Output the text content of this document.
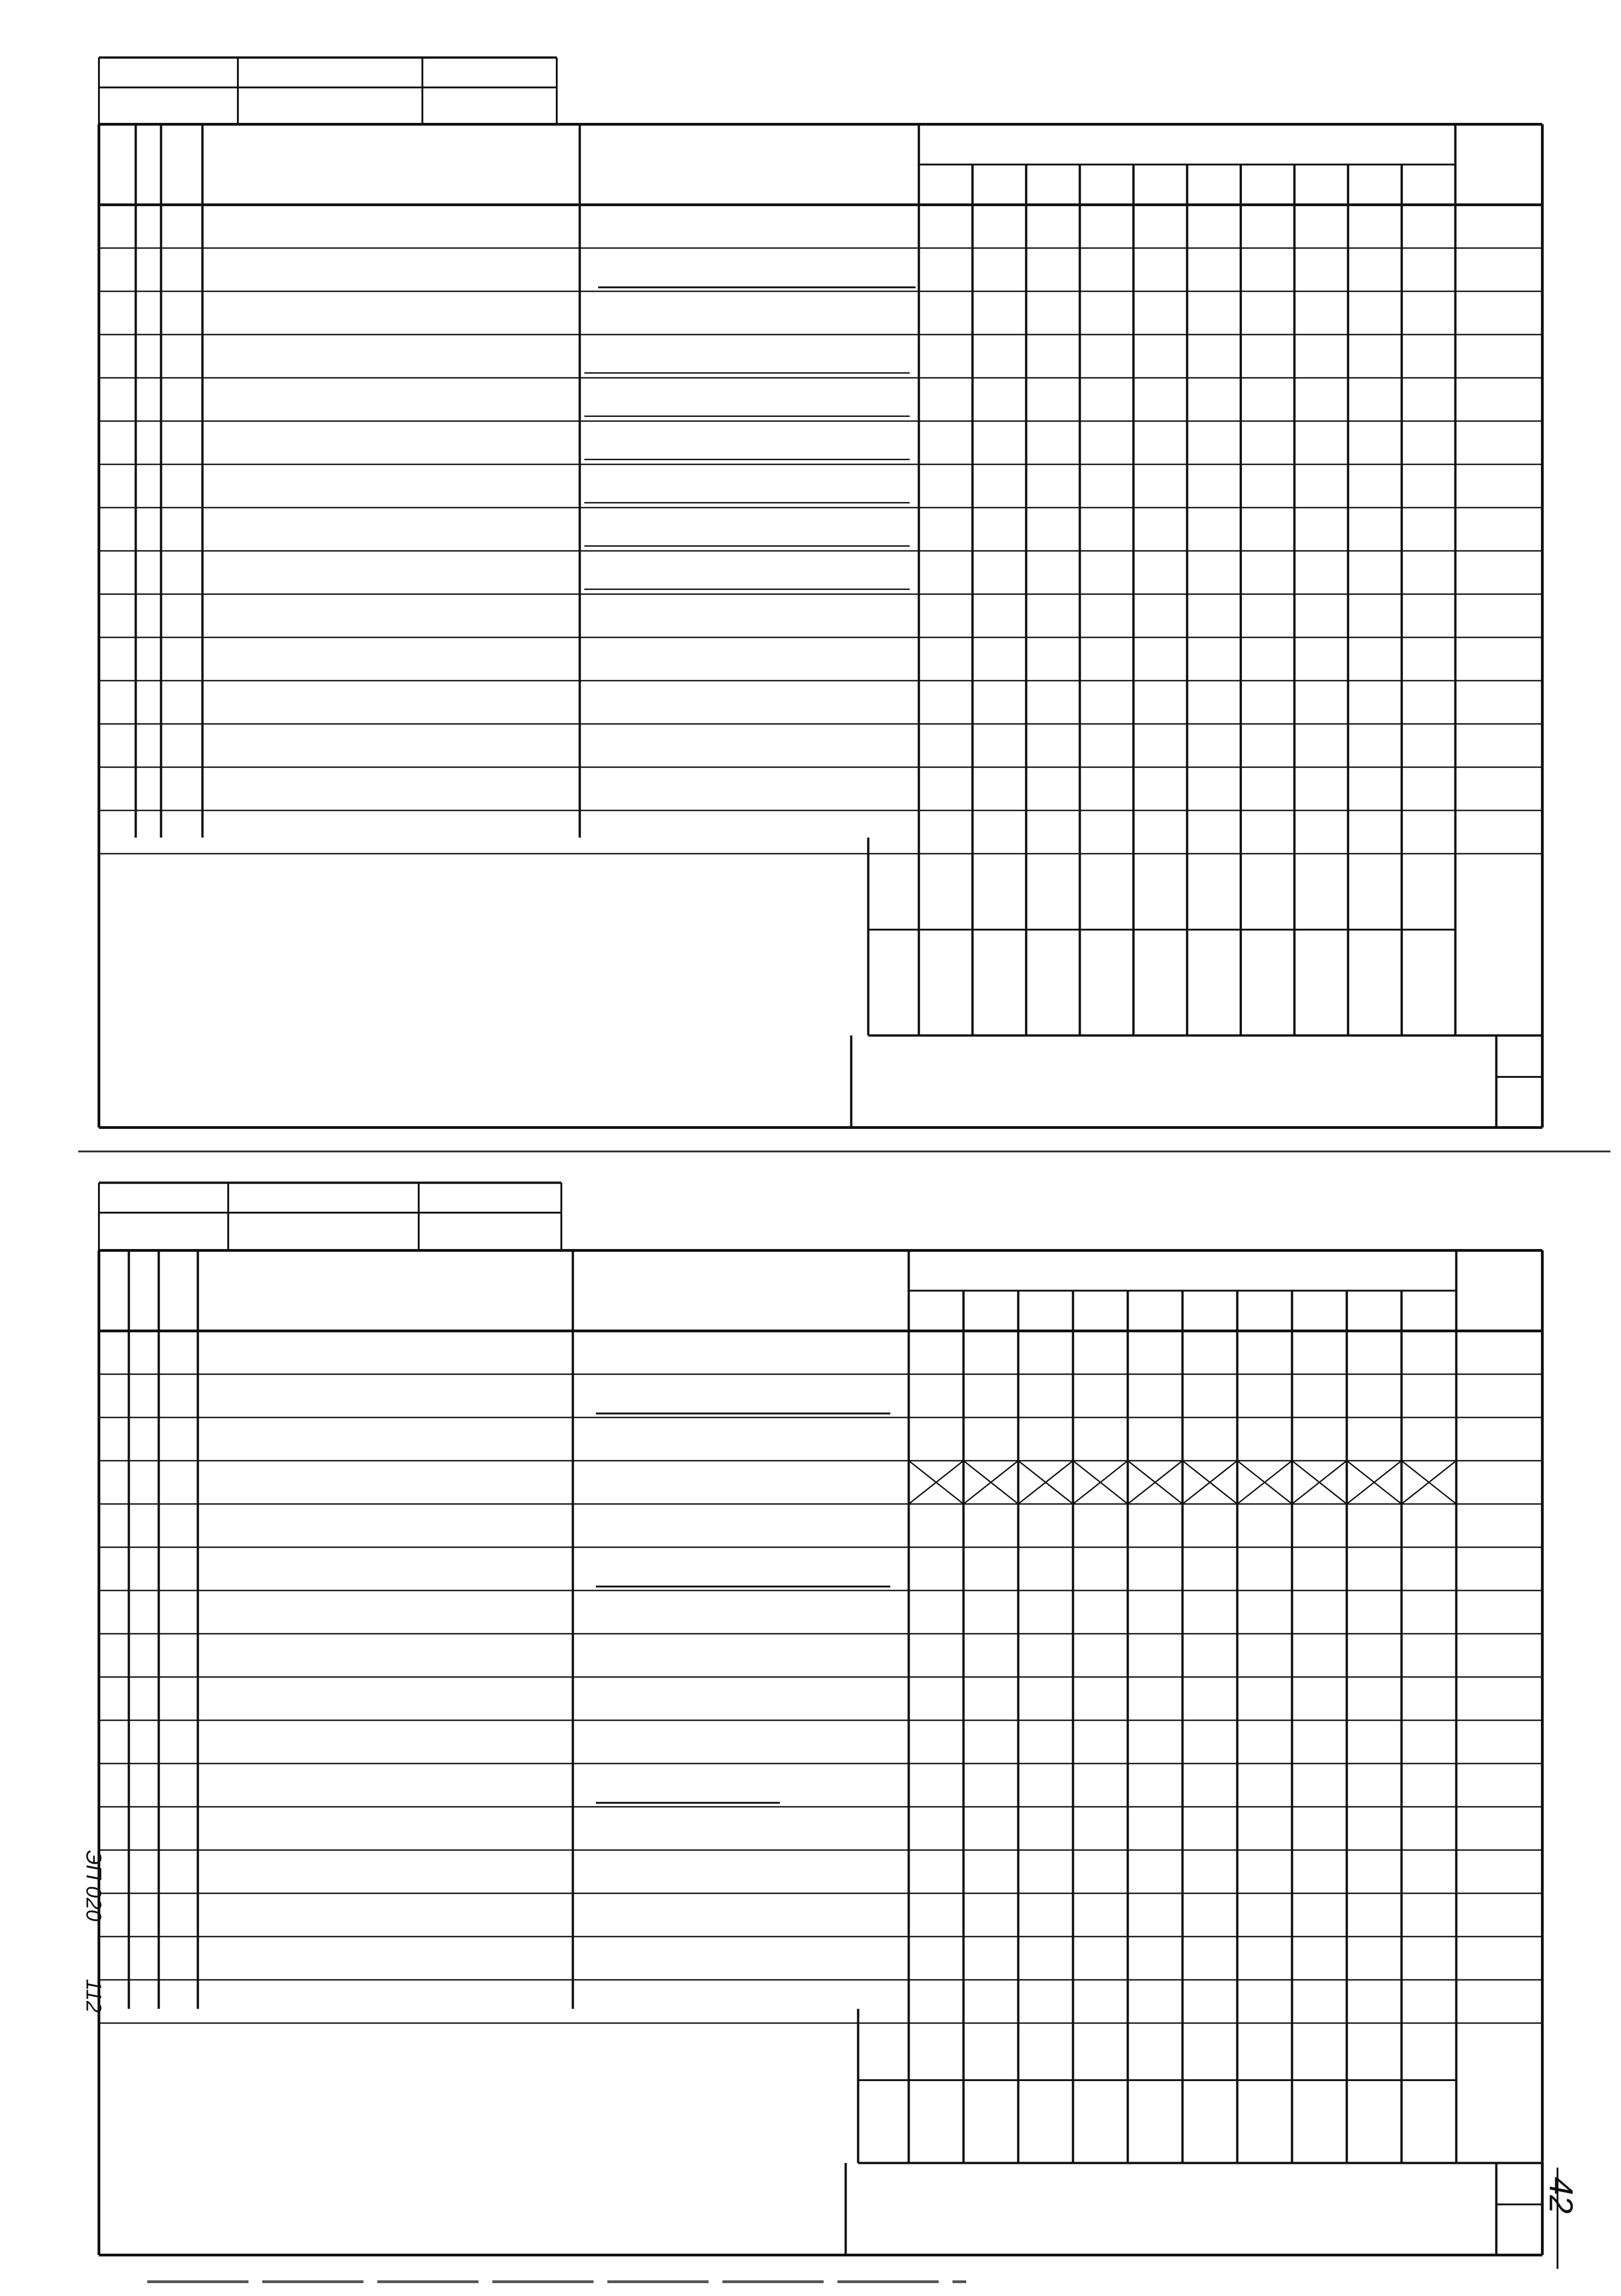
ЭП 020
112
42
